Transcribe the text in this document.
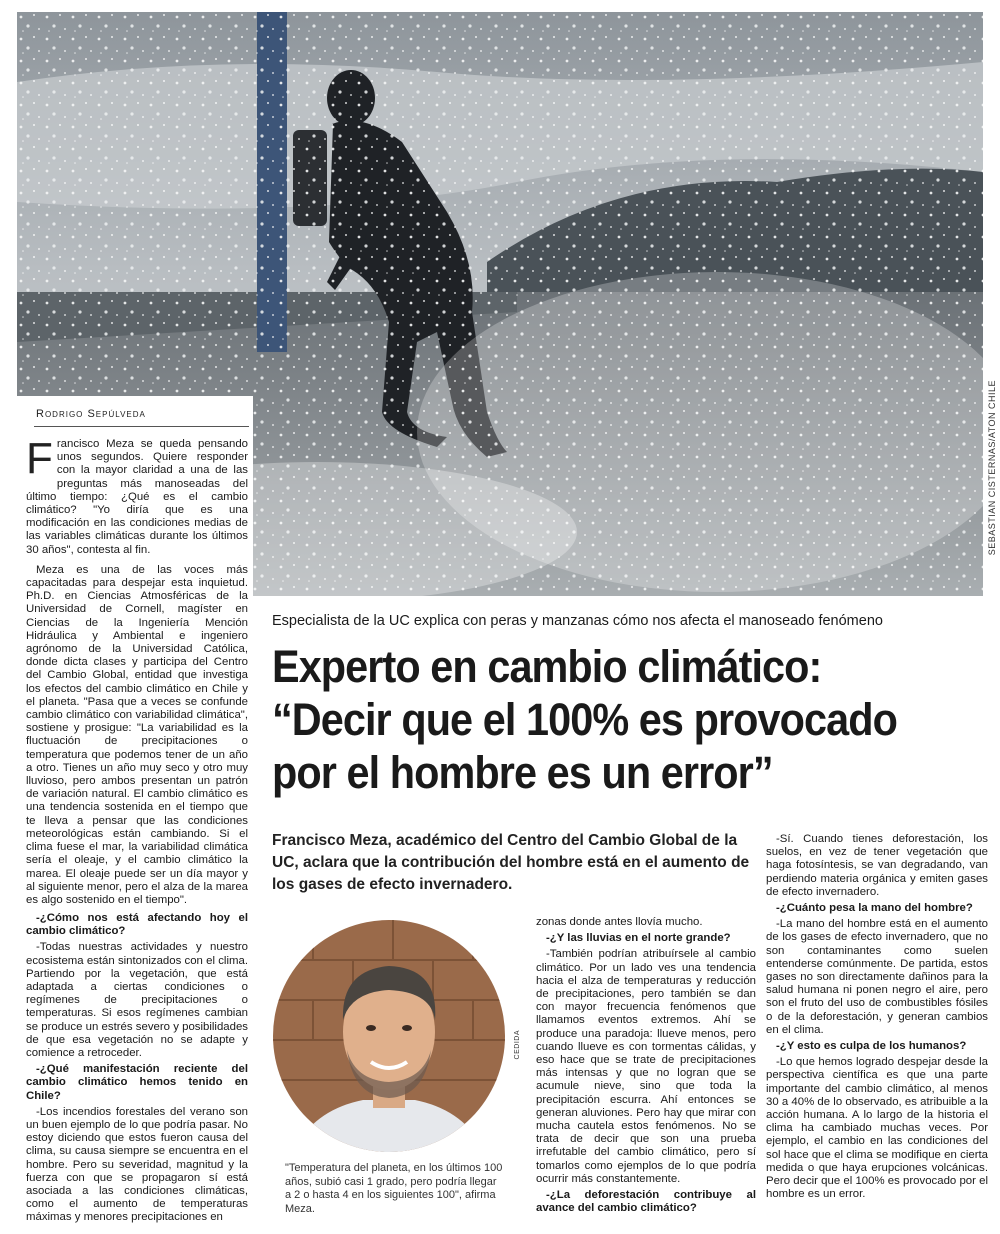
SEBASTIAN CISTERNAS/ATON CHILE
Rodrigo Sepúlveda

Francisco Meza se queda pensando unos segundos. Quiere responder con la mayor claridad a una de las preguntas más manoseadas del último tiempo: ¿Qué es el cambio climático? "Yo diría que es una modificación en las condiciones medias de las variables climáticas durante los últimos 30 años", contesta al fin.

Meza es una de las voces más capacitadas para despejar esta inquietud. Ph.D. en Ciencias Atmosféricas de la Universidad de Cornell, magíster en Ciencias de la Ingeniería Mención Hidráulica y Ambiental e ingeniero agrónomo de la Universidad Católica, donde dicta clases y participa del Centro del Cambio Global, entidad que investiga los efectos del cambio climático en Chile y el planeta. "Pasa que a veces se confunde cambio climático con variabilidad climática", sostiene y prosigue: "La variabilidad es la fluctuación de precipitaciones o temperatura que podemos tener de un año a otro. Tienes un año muy seco y otro muy lluvioso, pero ambos presentan un patrón de variación natural. El cambio climático es una tendencia sostenida en el tiempo que te lleva a pensar que las condiciones meteorológicas están cambiando. Si el clima fuese el mar, la variabilidad climática sería el oleaje, y el cambio climático la marea. El oleaje puede ser un día mayor y al siguiente menor, pero el alza de la marea es algo sostenido en el tiempo".

Especialista de la UC explica con peras y manzanas cómo nos afecta el manoseado fenómeno
Experto en cambio climático:
“Decir que el 100% es provocado
por el hombre es un error”
Francisco Meza, académico del Centro del Cambio Global de la UC, aclara que la contribución del hombre está en el aumento de los gases de efecto invernadero.

-¿Cómo nos está afectando hoy el cambio climático?

-Todas nuestras actividades y nuestro ecosistema están sintonizados con el clima. Partiendo por la vegetación, que está adaptada a ciertas condiciones o regímenes de precipitaciones o temperaturas. Si esos regímenes cambian se produce un estrés severo y posibilidades de que esa vegetación no se adapte y comience a retroceder.

-¿Qué manifestación reciente del cambio climático hemos tenido en Chile?

-Los incendios forestales del verano son un buen ejemplo de lo que podría pasar. No estoy diciendo que estos fueron causa del clima, su causa siempre se encuentra en el hombre. Pero su severidad, magnitud y la fuerza con que se propagaron sí está asociada a las condiciones climáticas, como el aumento de temperaturas máximas y menores precipitaciones en

CEDIDA
"Temperatura del planeta, en los últimos 100 años, subió casi 1 grado, pero podría llegar a 2 o hasta 4 en los siguientes 100", afirma Meza.

zonas donde antes llovía mucho.

-¿Y las lluvias en el norte grande?

-También podrían atribuírsele al cambio climático. Por un lado ves una tendencia hacia el alza de temperaturas y reducción de precipitaciones, pero también se dan con mayor frecuencia fenómenos que llamamos eventos extremos. Ahí se produce una paradoja: llueve menos, pero cuando llueve es con tormentas cálidas, y eso hace que se trate de precipitaciones más intensas y que no logran que se acumule nieve, sino que toda la precipitación escurra. Ahí entonces se generan aluviones. Pero hay que mirar con mucha cautela estos fenómenos. No se trata de decir que son una prueba irrefutable del cambio climático, pero sí tomarlos como ejemplos de lo que podría ocurrir más constantemente.

-¿La deforestación contribuye al avance del cambio climático?

-Sí. Cuando tienes deforestación, los suelos, en vez de tener vegetación que haga fotosíntesis, se van degradando, van perdiendo materia orgánica y emiten gases de efecto invernadero.

-¿Cuánto pesa la mano del hombre?

-La mano del hombre está en el aumento de los gases de efecto invernadero, que no son contaminantes como suelen entenderse comúnmente. De partida, estos gases no son directamente dañinos para la salud humana ni ponen negro el aire, pero son el fruto del uso de combustibles fósiles o de la deforestación, y generan cambios en el clima.

-¿Y esto es culpa de los humanos?

-Lo que hemos logrado despejar desde la perspectiva científica es que una parte importante del cambio climático, al menos 30 a 40% de lo observado, es atribuible a la acción humana. A lo largo de la historia el clima ha cambiado muchas veces. Por ejemplo, el cambio en las condiciones del sol hace que el clima se modifique en cierta medida o que haya erupciones volcánicas. Pero decir que el 100% es provocado por el hombre es un error.
